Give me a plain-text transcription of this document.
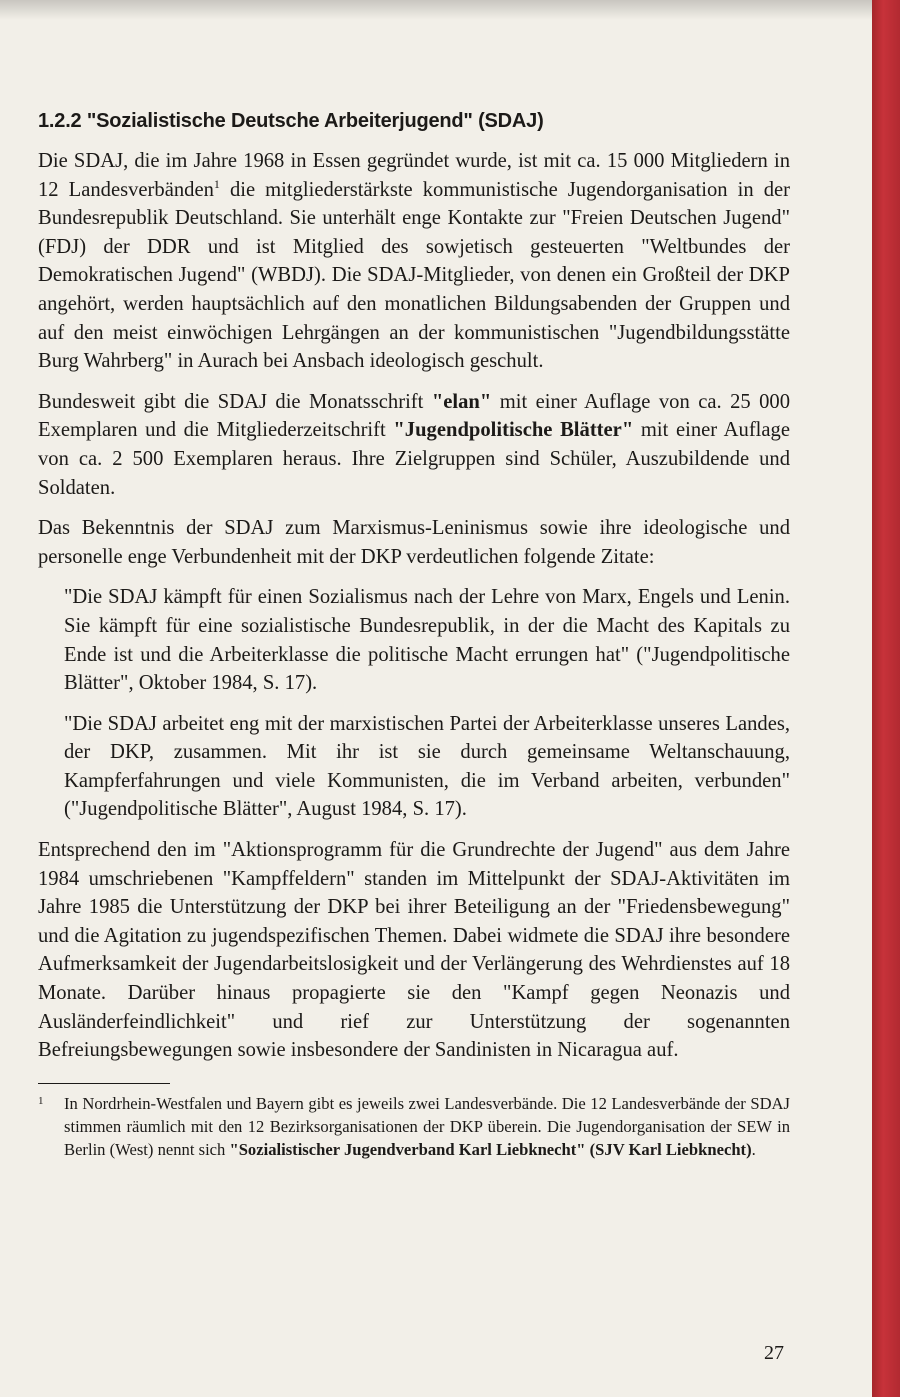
1.2.2 "Sozialistische Deutsche Arbeiterjugend" (SDAJ)

Die SDAJ, die im Jahre 1968 in Essen gegründet wurde, ist mit ca. 15 000 Mitgliedern in 12 Landesverbänden$^1$ die mitgliederstärkste kommunistische Jugendorganisation in der Bundesrepublik Deutschland. Sie unterhält enge Kontakte zur "Freien Deutschen Jugend" (FDJ) der DDR und ist Mitglied des sowjetisch gesteuerten "Weltbundes der Demokratischen Jugend" (WBDJ). Die SDAJ-Mitglieder, von denen ein Großteil der DKP angehört, werden hauptsächlich auf den monatlichen Bildungsabenden der Gruppen und auf den meist einwöchigen Lehrgängen an der kommunistischen "Jugendbildungsstätte Burg Wahrberg" in Aurach bei Ansbach ideologisch geschult.

Bundesweit gibt die SDAJ die Monatsschrift "elan" mit einer Auflage von ca. 25 000 Exemplaren und die Mitgliederzeitschrift "Jugendpolitische Blätter" mit einer Auflage von ca. 2 500 Exemplaren heraus. Ihre Zielgruppen sind Schüler, Auszubildende und Soldaten.

Das Bekenntnis der SDAJ zum Marxismus-Leninismus sowie ihre ideologische und personelle enge Verbundenheit mit der DKP verdeutlichen folgende Zitate:

"Die SDAJ kämpft für einen Sozialismus nach der Lehre von Marx, Engels und Lenin. Sie kämpft für eine sozialistische Bundesrepublik, in der die Macht des Kapitals zu Ende ist und die Arbeiterklasse die politische Macht errungen hat" ("Jugendpolitische Blätter", Oktober 1984, S. 17).

"Die SDAJ arbeitet eng mit der marxistischen Partei der Arbeiterklasse unseres Landes, der DKP, zusammen. Mit ihr ist sie durch gemeinsame Weltanschauung, Kampferfahrungen und viele Kommunisten, die im Verband arbeiten, verbunden" ("Jugendpolitische Blätter", August 1984, S. 17).

Entsprechend den im "Aktionsprogramm für die Grundrechte der Jugend" aus dem Jahre 1984 umschriebenen "Kampffeldern" standen im Mittelpunkt der SDAJ-Aktivitäten im Jahre 1985 die Unterstützung der DKP bei ihrer Beteiligung an der "Friedensbewegung" und die Agitation zu jugendspezifischen Themen. Dabei widmete die SDAJ ihre besondere Aufmerksamkeit der Jugendarbeitslosigkeit und der Verlängerung des Wehrdienstes auf 18 Monate. Darüber hinaus propagierte sie den "Kampf gegen Neonazis und Ausländerfeindlichkeit" und rief zur Unterstützung der sogenannten Befreiungsbewegungen sowie insbesondere der Sandinisten in Nicaragua auf.

1	In Nordrhein-Westfalen und Bayern gibt es jeweils zwei Landesverbände. Die 12 Landesverbände der SDAJ stimmen räumlich mit den 12 Bezirksorganisationen der DKP überein. Die Jugendorganisation der SEW in Berlin (West) nennt sich "Sozialistischer Jugendverband Karl Liebknecht" (SJV Karl Liebknecht).
27
